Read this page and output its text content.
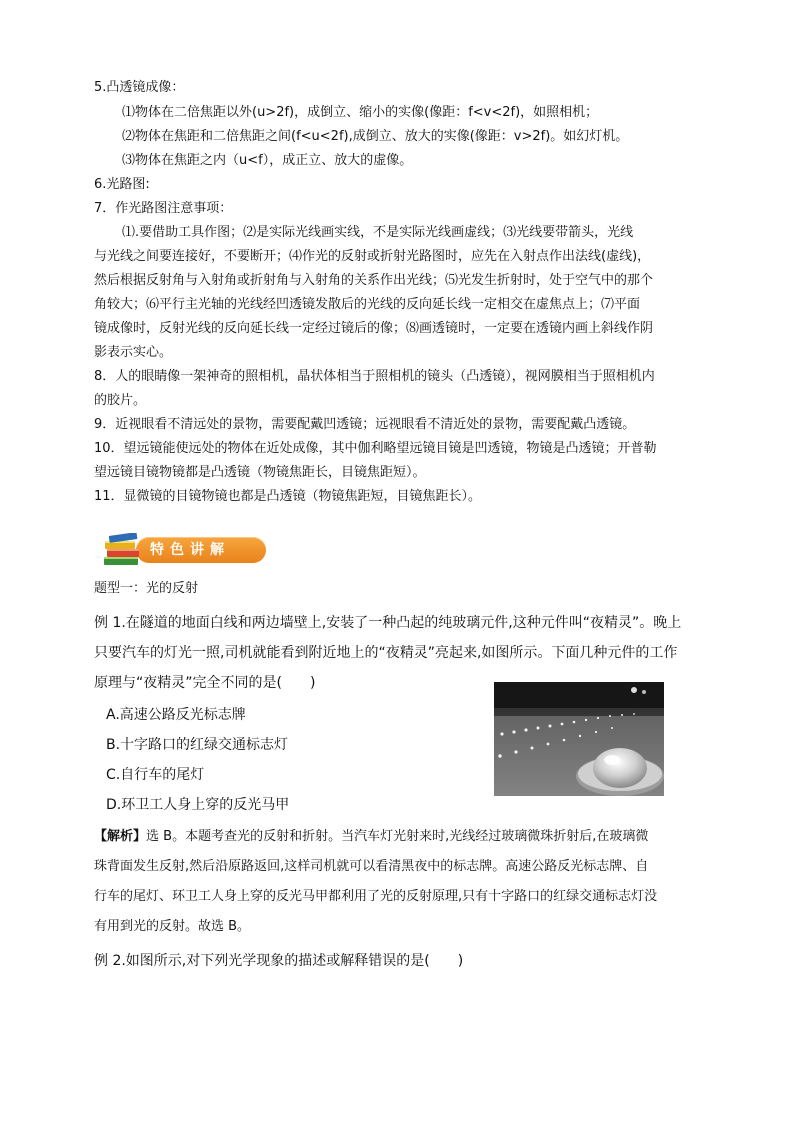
5.凸透镜成像：
⑴物体在二倍焦距以外(u>2f)，成倒立、缩小的实像(像距：f<v<2f)，如照相机；
⑵物体在焦距和二倍焦距之间(f<u<2f),成倒立、放大的实像(像距：v>2f)。如幻灯机。
⑶物体在焦距之内（u<f），成正立、放大的虚像。
6.光路图:
7．作光路图注意事项：
⑴.要借助工具作图；⑵是实际光线画实线，不是实际光线画虚线；⑶光线要带箭头，光线
与光线之间要连接好，不要断开；⑷作光的反射或折射光路图时，应先在入射点作出法线(虚线)，
然后根据反射角与入射角或折射角与入射角的关系作出光线；⑸光发生折射时，处于空气中的那个
角较大；⑹平行主光轴的光线经凹透镜发散后的光线的反向延长线一定相交在虚焦点上；⑺平面
镜成像时，反射光线的反向延长线一定经过镜后的像；⑻画透镜时，一定要在透镜内画上斜线作阴
影表示实心。
8．人的眼睛像一架神奇的照相机，晶状体相当于照相机的镜头（凸透镜），视网膜相当于照相机内
的胶片。
9．近视眼看不清远处的景物，需要配戴凹透镜；远视眼看不清近处的景物，需要配戴凸透镜。
10．望远镜能使远处的物体在近处成像，其中伽利略望远镜目镜是凹透镜，物镜是凸透镜；开普勒
望远镜目镜物镜都是凸透镜（物镜焦距长，目镜焦距短）。
11．显微镜的目镜物镜也都是凸透镜（物镜焦距短，目镜焦距长）。
特色讲解
题型一：光的反射
例 1.在隧道的地面白线和两边墙壁上,安装了一种凸起的纯玻璃元件,这种元件叫“夜精灵”。晚上
只要汽车的灯光一照,司机就能看到附近地上的“夜精灵”亮起来,如图所示。下面几种元件的工作
原理与“夜精灵”完全不同的是(　　)
A.高速公路反光标志牌
B.十字路口的红绿交通标志灯
C.自行车的尾灯
D.环卫工人身上穿的反光马甲
【解析】选 B。本题考查光的反射和折射。当汽车灯光射来时,光线经过玻璃微珠折射后,在玻璃微
珠背面发生反射,然后沿原路返回,这样司机就可以看清黑夜中的标志牌。高速公路反光标志牌、自
行车的尾灯、环卫工人身上穿的反光马甲都利用了光的反射原理,只有十字路口的红绿交通标志灯没
有用到光的反射。故选 B。
例 2.如图所示,对下列光学现象的描述或解释错误的是(　　)
